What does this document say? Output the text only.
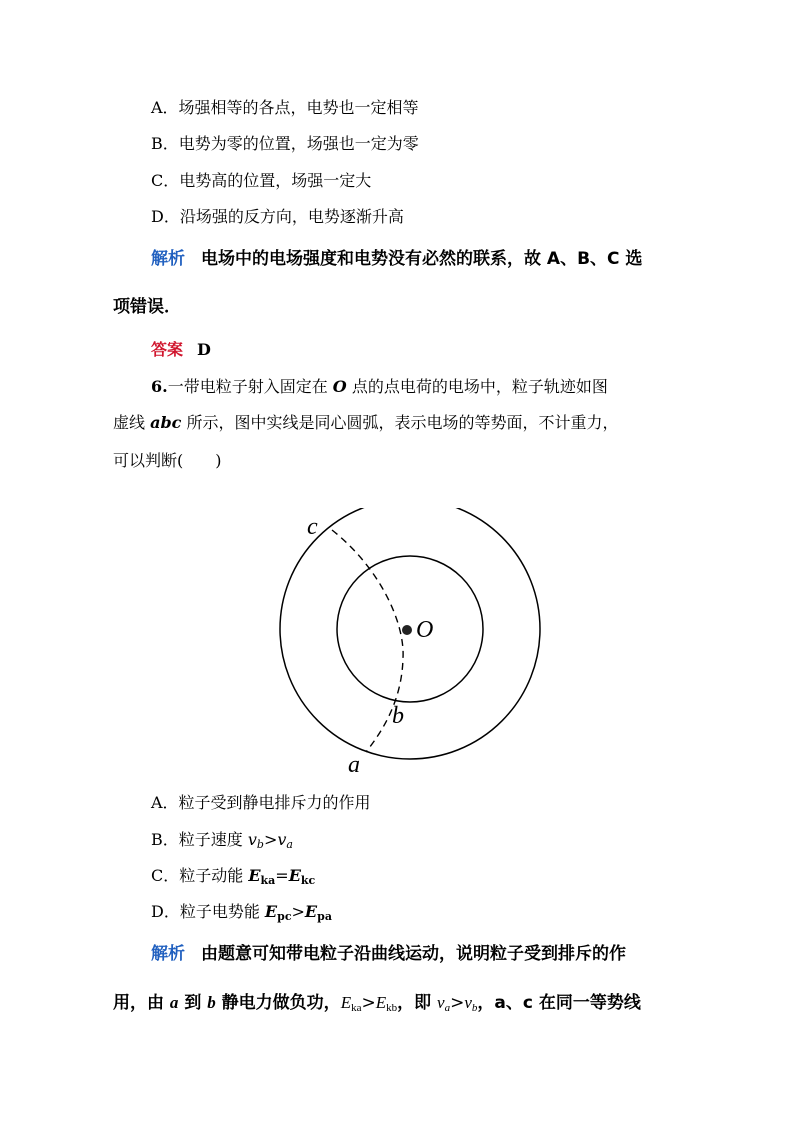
A．场强相等的各点，电势也一定相等
B．电势为零的位置，场强也一定为零
C．电势高的位置，场强一定大
D．沿场强的反方向，电势逐渐升高
解析 电场中的电场强度和电势没有必然的联系，故 A、B、C 选
项错误．
答案 D
6.一带电粒子射入固定在 O 点的点电荷的电场中，粒子轨迹如图
虚线 abc 所示，图中实线是同心圆弧，表示电场的等势面，不计重力，
可以判断(　　)
c
O
b
a
A．粒子受到静电排斥力的作用
B．粒子速度 $v_b>v_a$
C．粒子动能 $E_{ka}=E_{kc}$
D．粒子电势能 $E_{pc}>E_{pa}$
解析 由题意可知带电粒子沿曲线运动，说明粒子受到排斥的作
用，由 a 到 b 静电力做负功，$E_{ka}>E_{kb}$，即 $v_a>v_b$，a、c 在同一等势线
